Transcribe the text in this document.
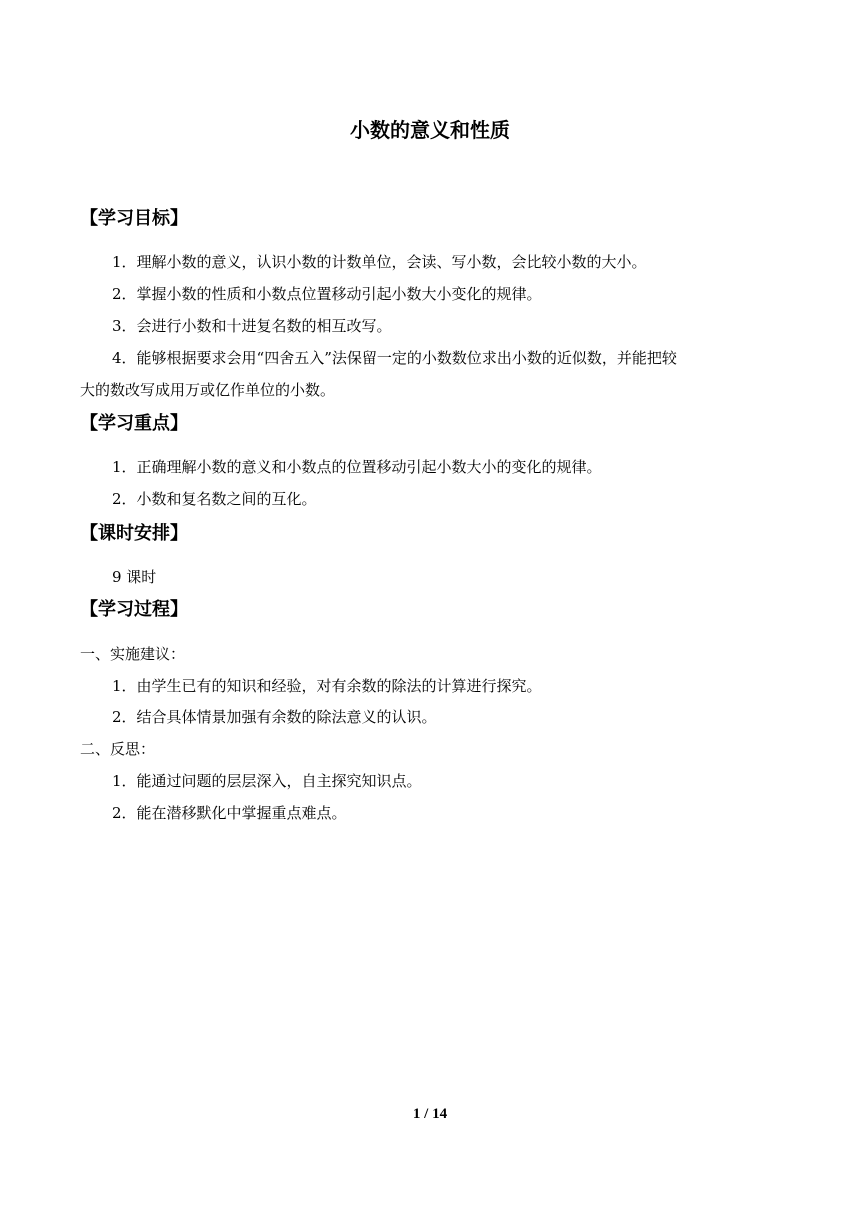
小数的意义和性质
【学习目标】
1．理解小数的意义，认识小数的计数单位，会读、写小数，会比较小数的大小。
2．掌握小数的性质和小数点位置移动引起小数大小变化的规律。
3．会进行小数和十进复名数的相互改写。
4．能够根据要求会用“四舍五入”法保留一定的小数数位求出小数的近似数，并能把较
大的数改写成用万或亿作单位的小数。
【学习重点】
1．正确理解小数的意义和小数点的位置移动引起小数大小的变化的规律。
2．小数和复名数之间的互化。
【课时安排】
9 课时
【学习过程】
一、实施建议：
1．由学生已有的知识和经验，对有余数的除法的计算进行探究。
2．结合具体情景加强有余数的除法意义的认识。
二、反思：
1．能通过问题的层层深入，自主探究知识点。
2．能在潜移默化中掌握重点难点。
1 / 14
